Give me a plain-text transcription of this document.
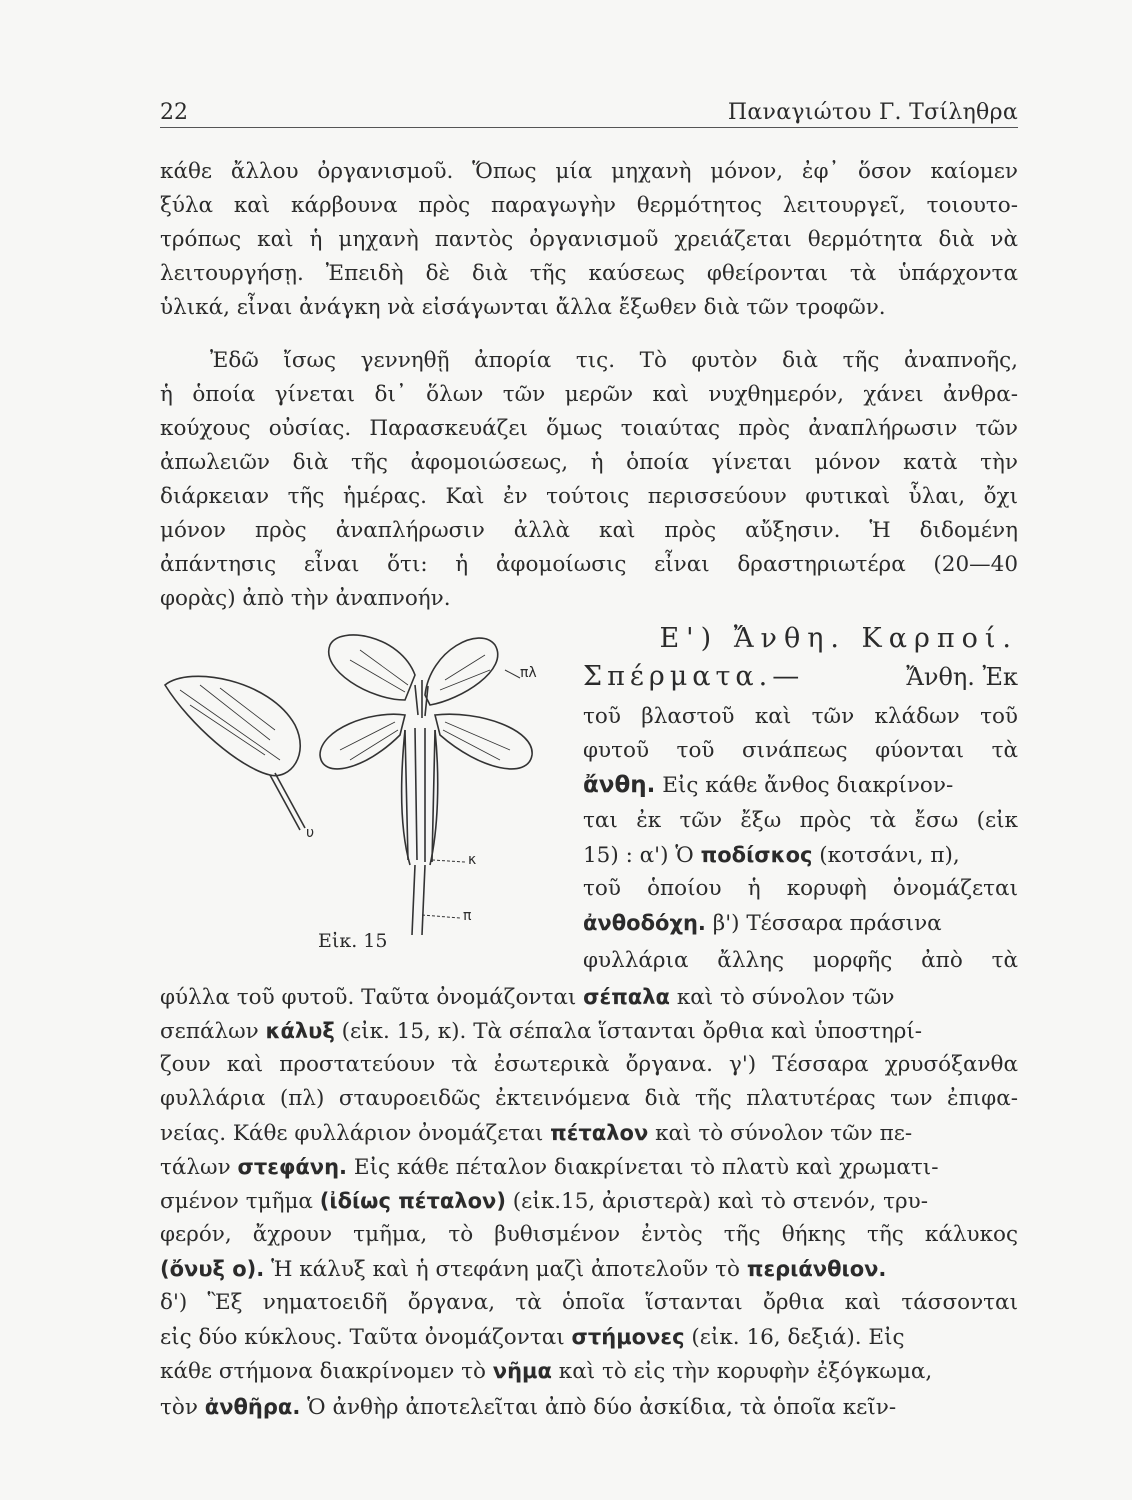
22	Παναγιώτου Γ. Τσίληθρα
κάθε ἄλλου ὀργανισμοῦ. Ὅπως μία μηχανὴ μόνον, ἐφ᾽ ὅσον καίομεν
ξύλα καὶ κάρβουνα πρὸς παραγωγὴν θερμότητος λειτουργεῖ, τοιουτο-
τρόπως καὶ ἡ μηχανὴ παντὸς ὀργανισμοῦ χρειάζεται θερμότητα διὰ νὰ
λειτουργήσῃ. Ἐπειδὴ δὲ διὰ τῆς καύσεως φθείρονται τὰ ὑπάρχοντα
ὑλικά, εἶναι ἀνάγκη νὰ εἰσάγωνται ἄλλα ἔξωθεν διὰ τῶν τροφῶν.
Ἐδῶ ἴσως γεννηθῇ ἀπορία τις. Τὸ φυτὸν διὰ τῆς ἀναπνοῆς,
ἡ ὁποία γίνεται δι᾽ ὅλων τῶν μερῶν καὶ νυχθημερόν, χάνει ἀνθρα-
κούχους οὐσίας. Παρασκευάζει ὅμως τοιαύτας πρὸς ἀναπλήρωσιν τῶν
ἀπωλειῶν διὰ τῆς ἀφομοιώσεως, ἡ ὁποία γίνεται μόνον κατὰ τὴν
διάρκειαν τῆς ἡμέρας. Καὶ ἐν τούτοις περισσεύουν φυτικαὶ ὗλαι, ὄχι
μόνον πρὸς ἀναπλήρωσιν ἀλλὰ καὶ πρὸς αὔξησιν. Ἡ διδομένη
ἀπάντησις εἶναι ὅτι: ἡ ἀφομοίωσις εἶναι δραστηριωτέρα (20—40
φορὰς) ἀπὸ τὴν ἀναπνοήν.
πλ
υ
κ
π
Εἰκ. 15
Ε') Ἄνθη. Καρποί.
Σπέρματα.—	Ἄνθη. Ἐκ
τοῦ βλαστοῦ καὶ τῶν κλάδων τοῦ
φυτοῦ τοῦ σινάπεως φύονται τὰ
ἄνθη. Εἰς κάθε ἄνθος διακρίνον-
ται ἐκ τῶν ἔξω πρὸς τὰ ἔσω (εἰκ
15) : α') Ὁ ποδίσκος (κοτσάνι, π),
τοῦ ὁποίου ἡ κορυφὴ ὀνομάζεται
ἀνθοδόχη. β') Τέσσαρα πράσινα
φυλλάρια ἄλλης μορφῆς ἀπὸ τὰ
φύλλα τοῦ φυτοῦ. Ταῦτα ὀνομάζονται σέπαλα καὶ τὸ σύνολον τῶν
σεπάλων κάλυξ (εἰκ. 15, κ). Τὰ σέπαλα ἵστανται ὄρθια καὶ ὑποστηρί-
ζουν καὶ προστατεύουν τὰ ἐσωτερικὰ ὄργανα. γ') Τέσσαρα χρυσόξανθα
φυλλάρια (πλ) σταυροειδῶς ἐκτεινόμενα διὰ τῆς πλατυτέρας των ἐπιφα-
νείας. Κάθε φυλλάριον ὀνομάζεται πέταλον καὶ τὸ σύνολον τῶν πε-
τάλων στεφάνη. Εἰς κάθε πέταλον διακρίνεται τὸ πλατὺ καὶ χρωματι-
σμένον τμῆμα (ἰδίως πέταλον) (εἰκ.15, ἀριστερὰ) καὶ τὸ στενόν, τρυ-
φερόν, ἄχρουν τμῆμα, τὸ βυθισμένον ἐντὸς τῆς θήκης τῆς κάλυκος
(ὄνυξ ο). Ἡ κάλυξ καὶ ἡ στεφάνη μαζὶ ἀποτελοῦν τὸ περιάνθιον.
δ') Ἓξ νηματοειδῆ ὄργανα, τὰ ὁποῖα ἵστανται ὄρθια καὶ τάσσονται
εἰς δύο κύκλους. Ταῦτα ὀνομάζονται στήμονες (εἰκ. 16, δεξιά). Εἰς
κάθε στήμονα διακρίνομεν τὸ νῆμα καὶ τὸ εἰς τὴν κορυφὴν ἐξόγκωμα,
τὸν ἀνθῆρα. Ὁ ἀνθὴρ ἀποτελεῖται ἀπὸ δύο ἀσκίδια, τὰ ὁποῖα κεῖν-
